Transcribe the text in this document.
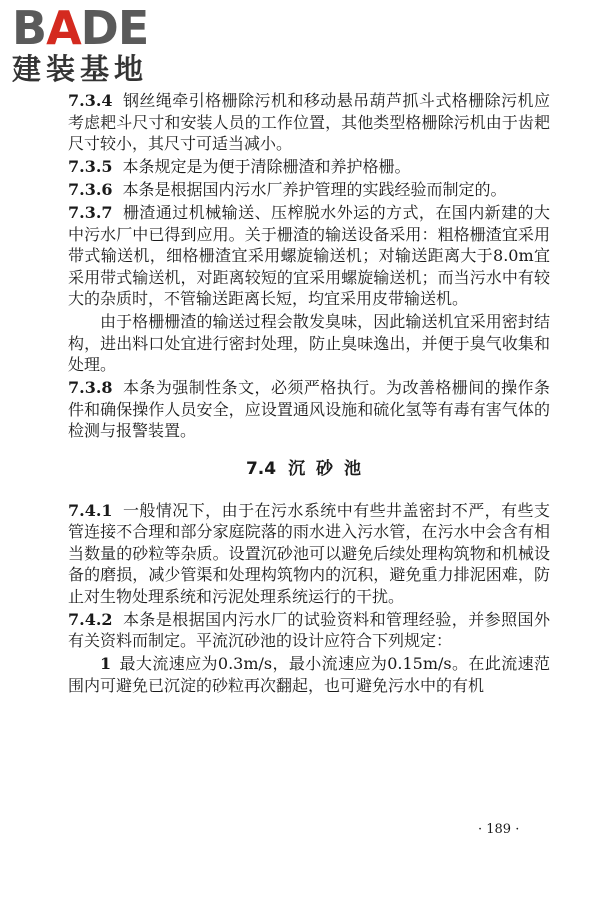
BADE
建装基地

7.3.4 钢丝绳牵引格栅除污机和移动悬吊葫芦抓斗式格栅除污机应考虑耙斗尺寸和安装人员的工作位置，其他类型格栅除污机由于齿耙尺寸较小，其尺寸可适当减小。

7.3.5 本条规定是为便于清除栅渣和养护格栅。

7.3.6 本条是根据国内污水厂养护管理的实践经验而制定的。

7.3.7 栅渣通过机械输送、压榨脱水外运的方式，在国内新建的大中污水厂中已得到应用。关于栅渣的输送设备采用：粗格栅渣宜采用带式输送机，细格栅渣宜采用螺旋输送机；对输送距离大于8.0m宜采用带式输送机，对距离较短的宜采用螺旋输送机；而当污水中有较大的杂质时，不管输送距离长短，均宜采用皮带输送机。

由于格栅栅渣的输送过程会散发臭味，因此输送机宜采用密封结构，进出料口处宜进行密封处理，防止臭味逸出，并便于臭气收集和处理。

7.3.8 本条为强制性条文，必须严格执行。为改善格栅间的操作条件和确保操作人员安全，应设置通风设施和硫化氢等有毒有害气体的检测与报警装置。

7.4 沉砂池

7.4.1 一般情况下，由于在污水系统中有些井盖密封不严，有些支管连接不合理和部分家庭院落的雨水进入污水管，在污水中会含有相当数量的砂粒等杂质。设置沉砂池可以避免后续处理构筑物和机械设备的磨损，减少管渠和处理构筑物内的沉积，避免重力排泥困难，防止对生物处理系统和污泥处理系统运行的干扰。

7.4.2 本条是根据国内污水厂的试验资料和管理经验，并参照国外有关资料而制定。平流沉砂池的设计应符合下列规定：

1 最大流速应为0.3m/s，最小流速应为0.15m/s。在此流速范围内可避免已沉淀的砂粒再次翻起，也可避免污水中的有机

· 189 ·
